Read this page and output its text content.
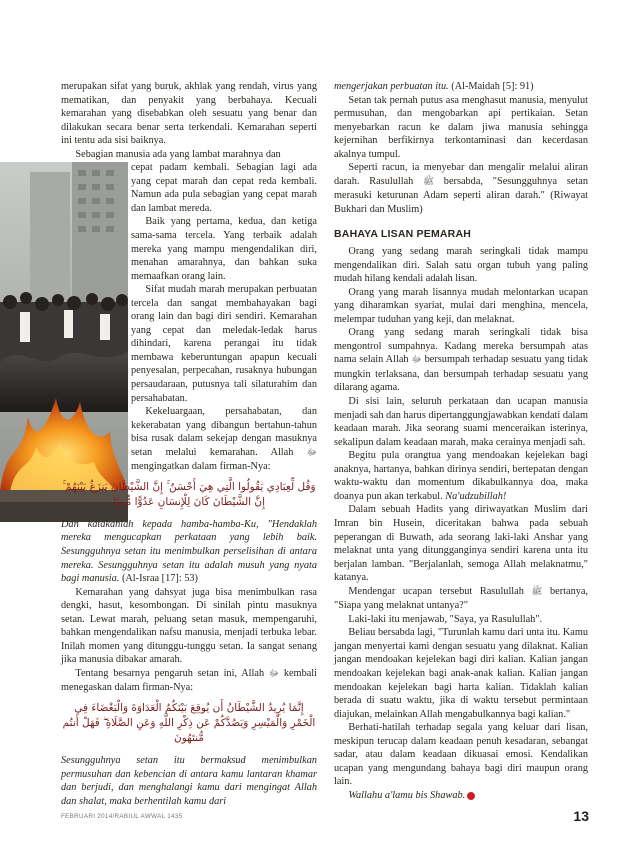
merupakan sifat yang buruk, akhlak yang rendah, virus yang mematikan, dan penyakit yang berbahaya. Kecuali kemarahan yang disebabkan oleh sesuatu yang benar dan dilakukan secara benar serta terkendali. Kemarahan seperti ini tentu ada sisi baiknya.

Sebagian manusia ada yang lambat marahnya dan

cepat padam kembali. Sebagian lagi ada yang cepat marah dan cepat reda kembali. Namun ada pula sebagian yang cepat marah dan lambat mereda.

Baik yang pertama, kedua, dan ketiga sama-sama tercela. Yang terbaik adalah mereka yang mampu mengendalikan diri, menahan amarahnya, dan bahkan suka memaafkan orang lain.

Sifat mudah marah merupakan perbuatan tercela dan sangat membahayakan bagi orang lain dan bagi diri sendiri. Kemarahan yang cepat dan meledak-ledak harus dihindari, karena perangai itu tidak membawa keberuntungan apapun kecuali penyesalan, perpecahan, rusaknya hubungan persaudaraan, putusnya tali silaturahim dan persahabatan.

Kekeluargaan, persahabatan, dan kekerabatan yang dibangun bertahun-tahun bisa rusak dalam sekejap dengan masuknya setan melalui kemarahan. Allah ﷻ mengingatkan dalam firman-Nya:

وَقُل لِّعِبَادِي يَقُولُوا الَّتِي هِيَ أَحْسَنُ ۚ إِنَّ الشَّيْطَانَ يَنزَغُ بَيْنَهُمْ ۚ إِنَّ الشَّيْطَانَ كَانَ لِلْإِنسَانِ عَدُوًّا مُّبِينًا

Dan katakanlah kepada hamba-hamba-Ku, "Hendaklah mereka mengucapkan perkataan yang lebih baik. Sesungguhnya setan itu menimbulkan perselisihan di antara mereka. Sesungguhnya setan itu adalah musuh yang nyata bagi manusia. (Al-Israa [17]: 53)

Kemarahan yang dahsyat juga bisa menimbulkan rasa dengki, hasut, kesombongan. Di sinilah pintu masuknya setan. Lewat marah, peluang setan masuk, mempengaruhi, bahkan mengendalikan nafsu manusia, menjadi terbuka lebar. Inilah momen yang ditunggu-tunggu setan. Ia sangat senang jika manusia dibakar amarah.

Tentang besarnya pengaruh setan ini, Allah ﷻ kembali menegaskan dalam firman-Nya:

إِنَّمَا يُرِيدُ الشَّيْطَانُ أَن يُوقِعَ بَيْنَكُمُ الْعَدَاوَةَ وَالْبَغْضَاءَ فِي الْخَمْرِ وَالْمَيْسِرِ وَيَصُدَّكُمْ عَن ذِكْرِ اللَّهِ وَعَنِ الصَّلَاةِ ۖ فَهَلْ أَنتُم مُّنتَهُونَ

Sesungguhnya setan itu bermaksud menimbulkan permusuhan dan kebencian di antara kamu lantaran khamar dan berjudi, dan menghalangi kamu dari mengingat Allah dan shalat, maka berhentilah kamu dari

mengerjakan perbuatan itu. (Al-Maidah [5]: 91)

Setan tak pernah putus asa menghasut manusia, menyulut permusuhan, dan mengobarkan api pertikaian. Setan menyebarkan racun ke dalam jiwa manusia sehingga kejernihan berfikirnya terkontaminasi dan kecerdasan akalnya tumpul.

Seperti racun, ia menyebar dan mengalir melalui aliran darah. Rasulullah ﷺ bersabda, "Sesungguhnya setan merasuki keturunan Adam seperti aliran darah." (Riwayat Bukhari dan Muslim)

BAHAYA LISAN PEMARAH

Orang yang sedang marah seringkali tidak mampu mengendalikan diri. Salah satu organ tubuh yang paling mudah hilang kendali adalah lisan.

Orang yang marah lisannya mudah melontarkan ucapan yang diharamkan syariat, mulai dari menghina, mencela, melempar tuduhan yang keji, dan melaknat.

Orang yang sedang marah seringkali tidak bisa mengontrol sumpahnya. Kadang mereka bersumpah atas nama selain Allah ﷻ bersumpah terhadap sesuatu yang tidak mungkin terlaksana, dan bersumpah terhadap sesuatu yang dilarang agama.

Di sisi lain, seluruh perkataan dan ucapan manusia menjadi sah dan harus dipertanggungjawabkan kendati dalam keadaan marah. Jika seorang suami menceraikan isterinya, sekalipun dalam keadaan marah, maka cerainya menjadi sah.

Begitu pula orangtua yang mendoakan kejelekan bagi anaknya, hartanya, bahkan dirinya sendiri, bertepatan dengan waktu-waktu dan momentum dikabulkannya doa, maka doanya pun akan terkabul. Na'udzubillah!

Dalam sebuah Hadits yang diriwayatkan Muslim dari Imran bin Husein, diceritakan bahwa pada sebuah peperangan di Buwath, ada seorang laki-laki Anshar yang melaknat unta yang ditungganginya sendiri karena unta itu berjalan lamban. "Berjalanlah, semoga Allah melaknatmu," katanya.

Mendengar ucapan tersebut Rasulullah ﷺ bertanya, "Siapa yang melaknat untanya?"

Laki-laki itu menjawab, "Saya, ya Rasulullah".

Beliau bersabda lagi, "Turunlah kamu dari unta itu. Kamu jangan menyertai kami dengan sesuatu yang dilaknat. Kalian jangan mendoakan kejelekan bagi diri kalian. Kalian jangan mendoakan kejelekan bagi anak-anak kalian. Kalian jangan mendoakan kejelekan bagi harta kalian. Tidaklah kalian berada di suatu waktu, jika di waktu tersebut permintaan diajukan, melainkan Allah mengabulkannya bagi kalian."

Berhati-hatilah terhadap segala yang keluar dari lisan, meskipun terucap dalam keadaan penuh kesadaran, sebangat sadar, atau dalam keadaan dikuasai emosi. Kendalikan ucapan yang mengundang bahaya bagi diri maupun orang lain.

Wallahu a'lamu bis Shawab.

FEBRUARI 2014/RABIUL AWWAL 1435	13
